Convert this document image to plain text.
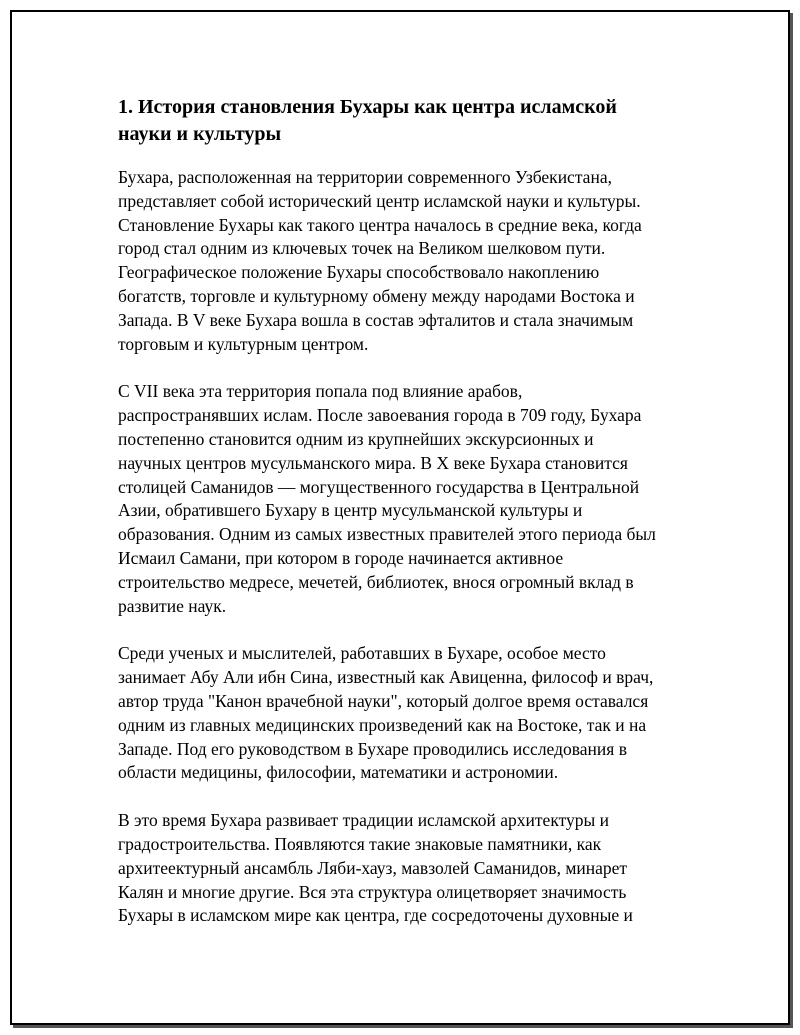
1. История становления Бухары как центра исламской
науки и культуры

Бухара, расположенная на территории современного Узбекистана,
представляет собой исторический центр исламской науки и культуры.
Становление Бухары как такого центра началось в средние века, когда
город стал одним из ключевых точек на Великом шелковом пути.
Географическое положение Бухары способствовало накоплению
богатств, торговле и культурному обмену между народами Востока и
Запада. В V веке Бухара вошла в состав эфталитов и стала значимым
торговым и культурным центром.

С VII века эта территория попала под влияние арабов,
распространявших ислам. После завоевания города в 709 году, Бухара
постепенно становится одним из крупнейших экскурсионных и
научных центров мусульманского мира. В X веке Бухара становится
столицей Саманидов — могущественного государства в Центральной
Азии, обратившего Бухару в центр мусульманской культуры и
образования. Одним из самых известных правителей этого периода был
Исмаил Самани, при котором в городе начинается активное
строительство медресе, мечетей, библиотек, внося огромный вклад в
развитие наук.

Среди ученых и мыслителей, работавших в Бухаре, особое место
занимает Абу Али ибн Сина, известный как Авиценна, философ и врач,
автор труда "Канон врачебной науки", который долгое время оставался
одним из главных медицинских произведений как на Востоке, так и на
Западе. Под его руководством в Бухаре проводились исследования в
области медицины, философии, математики и астрономии.

В это время Бухара развивает традиции исламской архитектуры и
градостроительства. Появляются такие знаковые памятники, как
архитеектурный ансамбль Ляби-хауз, мавзолей Саманидов, минарет
Калян и многие другие. Вся эта структура олицетворяет значимость
Бухары в исламском мире как центра, где сосредоточены духовные и
